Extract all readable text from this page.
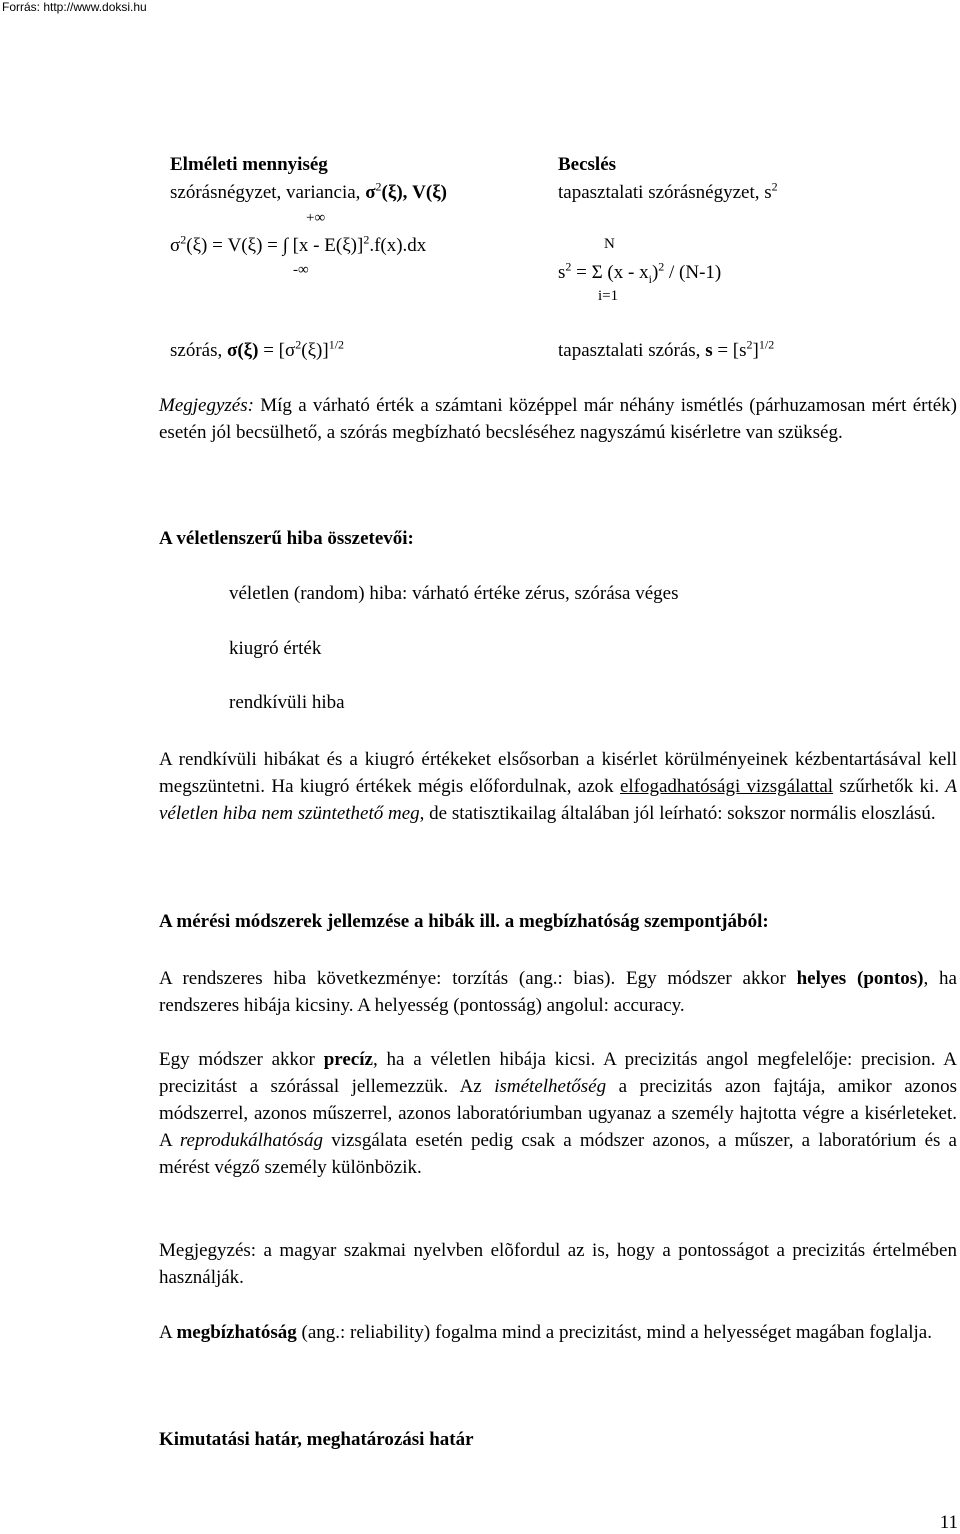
Forrás: http://www.doksi.hu
Elméleti mennyiség
szórásnégyzet, variancia, $\sigma^2(\xi)$, V(ξ)
+∞
$\sigma^2(\xi) = V(\xi)$ = ∫ [x - E(ξ)]$^2$.f(x).dx
-∞
szórás, $\sigma(\xi) = [\sigma^2(\xi)]^{1/2}$
Becslés
tapasztalati szórásnégyzet, $s^2$
N
$s^2 = \Sigma$ $(x - x_i)^2 / (N-1)$
i=1
tapasztalati szórás, $s = [s^2]^{1/2}$

Megjegyzés: Míg a várható érték a számtani középpel már néhány ismétlés (párhuzamosan mért érték) esetén jól becsülhető, a szórás megbízható becsléséhez nagyszámú kisérletre van szükség.

A véletlenszerű hiba összetevői:
véletlen (random) hiba: várható értéke zérus, szórása véges
kiugró érték
rendkívüli hiba

A rendkívüli hibákat és a kiugró értékeket elsősorban a kisérlet körülményeinek kézbentartásával kell megszüntetni. Ha kiugró értékek mégis előfordulnak, azok elfogadhatósági vizsgálattal szűrhetők ki. A véletlen hiba nem szüntethető meg, de statisztikailag általában jól leírható: sokszor normális eloszlású.

A mérési módszerek jellemzése a hibák ill. a megbízhatóság szempontjából:

A rendszeres hiba következménye: torzítás (ang.: bias). Egy módszer akkor helyes (pontos), ha rendszeres hibája kicsiny. A helyesség (pontosság) angolul: accuracy.

Egy módszer akkor precíz, ha a véletlen hibája kicsi. A precizitás angol megfelelője: precision. A precizitást a szórással jellemezzük. Az ismételhetőség a precizitás azon fajtája, amikor azonos módszerrel, azonos műszerrel, azonos laboratóriumban ugyanaz a személy hajtotta végre a kisérleteket. A reprodukálhatóság vizsgálata esetén pedig csak a módszer azonos, a műszer, a laboratórium és a mérést végző személy különbözik.

Megjegyzés: a magyar szakmai nyelvben elõfordul az is, hogy a pontosságot a precizitás értelmében használják.

A megbízhatóság (ang.: reliability) fogalma mind a precizitást, mind a helyességet magában foglalja.

Kimutatási határ, meghatározási határ
11
